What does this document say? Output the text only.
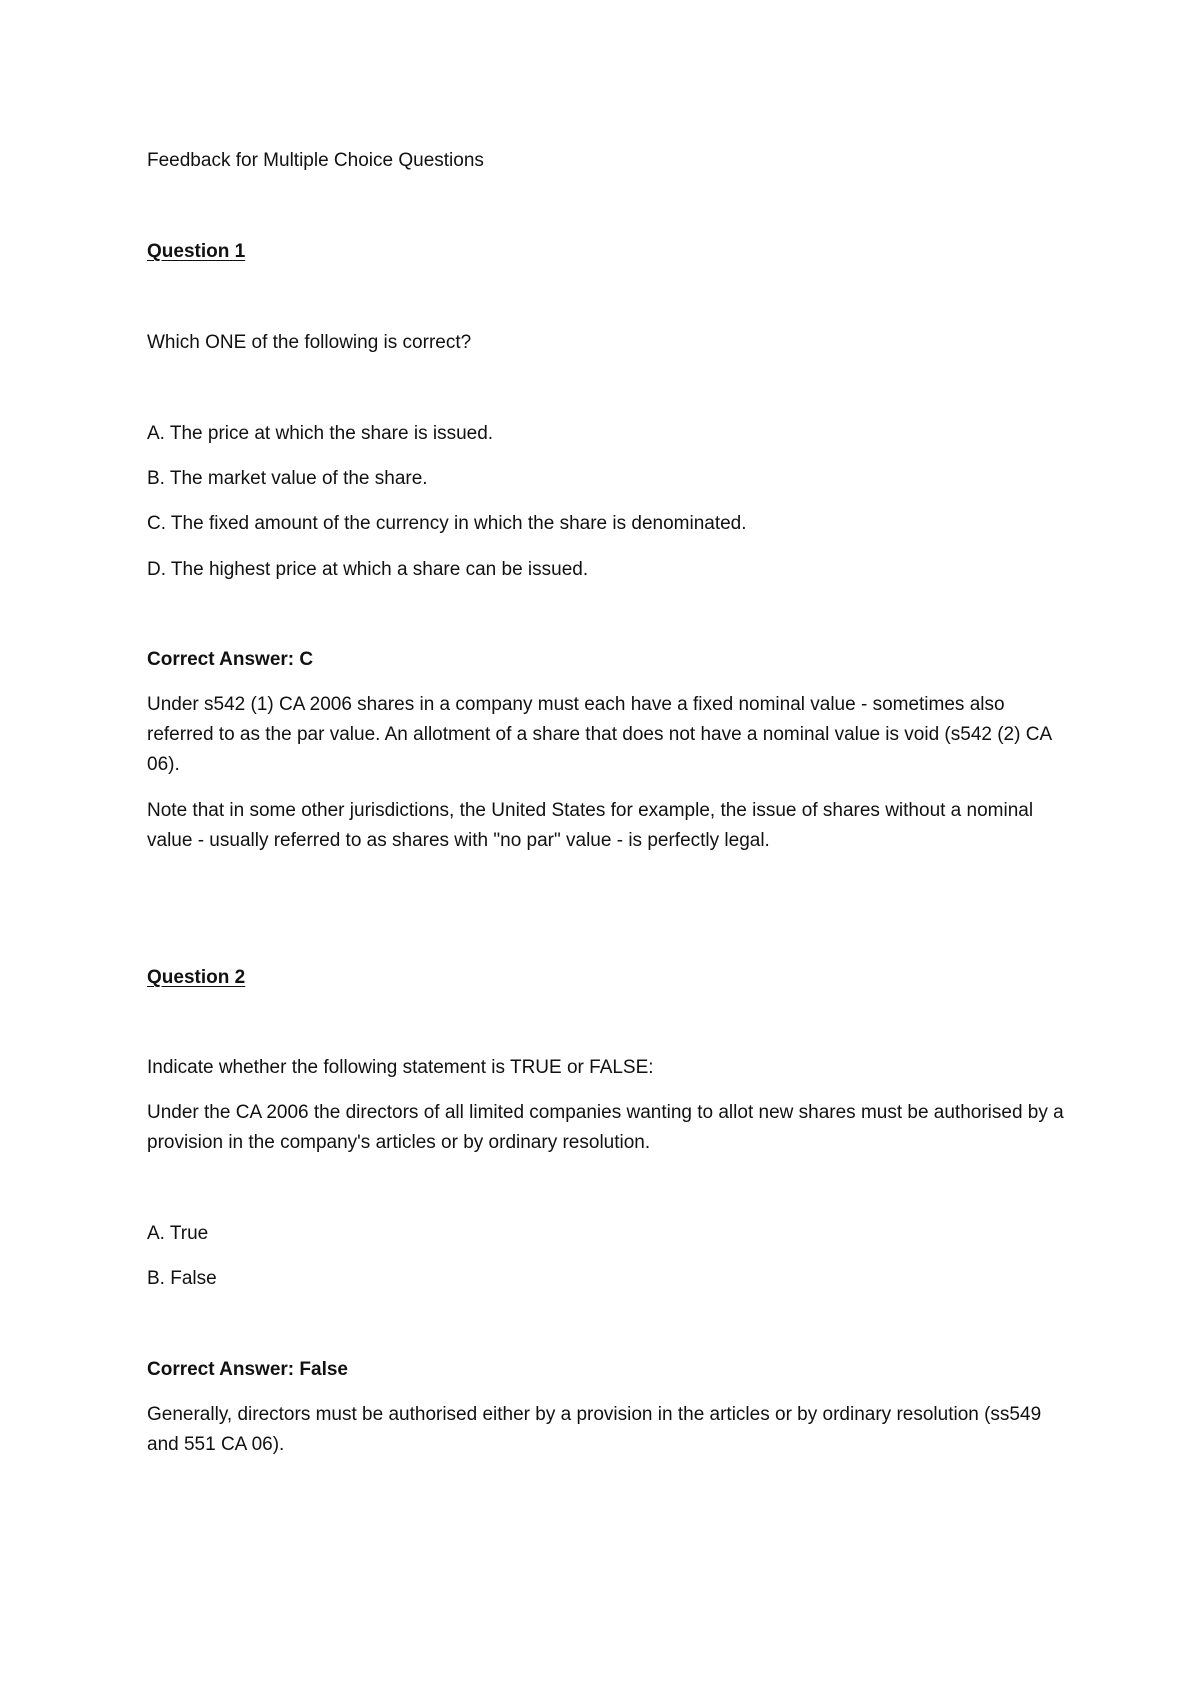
Feedback for Multiple Choice Questions

Question 1

Which ONE of the following is correct?

A. The price at which the share is issued.

B. The market value of the share.

C. The fixed amount of the currency in which the share is denominated.

D. The highest price at which a share can be issued.

Correct Answer: C

Under s542 (1) CA 2006 shares in a company must each have a fixed nominal value - sometimes also referred to as the par value. An allotment of a share that does not have a nominal value is void (s542 (2) CA 06).

Note that in some other jurisdictions, the United States for example, the issue of shares without a nominal value - usually referred to as shares with "no par" value - is perfectly legal.

Question 2

Indicate whether the following statement is TRUE or FALSE:

Under the CA 2006 the directors of all limited companies wanting to allot new shares must be authorised by a provision in the company's articles or by ordinary resolution.

A. True

B. False

Correct Answer: False

Generally, directors must be authorised either by a provision in the articles or by ordinary resolution (ss549 and 551 CA 06).
